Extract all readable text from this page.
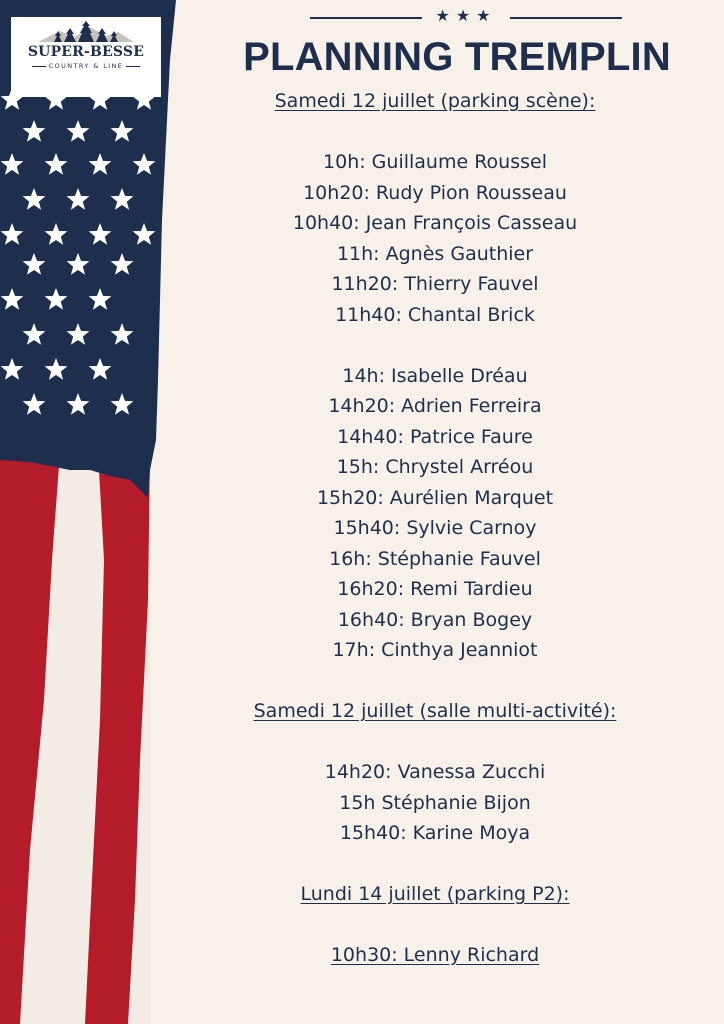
SUPER-BESSE
COUNTRY & LINE
★★★
PLANNING TREMPLIN
Samedi 12 juillet (parking scène):
10h: Guillaume Roussel
10h20: Rudy Pion Rousseau
10h40: Jean François Casseau
11h: Agnès Gauthier
11h20: Thierry Fauvel
11h40: Chantal Brick
14h: Isabelle Dréau
14h20: Adrien Ferreira
14h40: Patrice Faure
15h: Chrystel Arréou
15h20: Aurélien Marquet
15h40: Sylvie Carnoy
16h: Stéphanie Fauvel
16h20: Remi Tardieu
16h40: Bryan Bogey
17h: Cinthya Jeanniot
Samedi 12 juillet (salle multi-activité):
14h20: Vanessa Zucchi
15h Stéphanie Bijon
15h40: Karine Moya
Lundi 14 juillet (parking P2):
10h30: Lenny Richard
